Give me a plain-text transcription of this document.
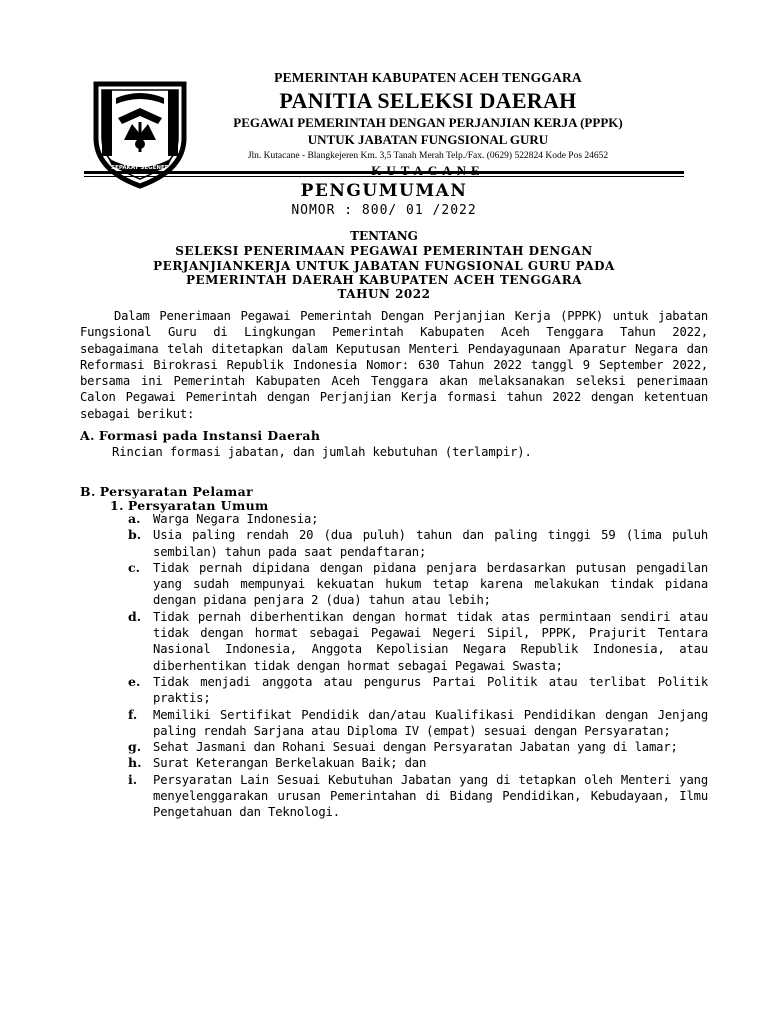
SEPAKAT SEGENEP
PEMERINTAH KABUPATEN ACEH TENGGARA
PANITIA SELEKSI DAERAH
PEGAWAI PEMERINTAH DENGAN PERJANJIAN KERJA (PPPK)
UNTUK JABATAN FUNGSIONAL GURU
Jln. Kutacane - Blangkejeren Km. 3,5 Tanah Merah Telp./Fax. (0629) 522824 Kode Pos 24652
KUTACANE
PENGUMUMAN
NOMOR : 800/ 01 /2022
TENTANG
SELEKSI PENERIMAAN PEGAWAI PEMERINTAH DENGAN
PERJANJIANKERJA UNTUK JABATAN FUNGSIONAL GURU PADA
PEMERINTAH DAERAH KABUPATEN ACEH TENGGARA
TAHUN 2022
Dalam Penerimaan Pegawai Pemerintah Dengan Perjanjian Kerja (PPPK) untuk jabatan Fungsional Guru di Lingkungan Pemerintah Kabupaten Aceh Tenggara Tahun 2022, sebagaimana telah ditetapkan dalam Keputusan Menteri Pendayagunaan Aparatur Negara dan Reformasi Birokrasi Republik Indonesia Nomor: 630 Tahun 2022 tanggl 9 September 2022, bersama ini Pemerintah Kabupaten Aceh Tenggara akan melaksanakan seleksi penerimaan Calon Pegawai Pemerintah dengan Perjanjian Kerja formasi tahun 2022 dengan ketentuan sebagai berikut:
A. Formasi pada Instansi Daerah
Rincian formasi jabatan, dan jumlah kebutuhan (terlampir).
B. Persyaratan Pelamar
1. Persyaratan Umum
a.	Warga Negara Indonesia;
b. Usia paling rendah 20 (dua puluh) tahun dan paling tinggi 59 (lima puluh sembilan) tahun pada saat pendaftaran;
c.	Tidak pernah dipidana dengan pidana penjara berdasarkan putusan pengadilan yang sudah mempunyai kekuatan hukum tetap karena melakukan tindak pidana dengan pidana penjara 2 (dua) tahun atau lebih;
d. Tidak pernah diberhentikan dengan hormat tidak atas permintaan sendiri atau tidak dengan hormat sebagai Pegawai Negeri Sipil, PPPK, Prajurit Tentara Nasional Indonesia, Anggota Kepolisian Negara Republik Indonesia, atau diberhentikan tidak dengan hormat sebagai Pegawai Swasta;
e.	Tidak menjadi anggota atau pengurus Partai Politik atau terlibat Politik praktis;
f.	Memiliki Sertifikat Pendidik dan/atau Kualifikasi Pendidikan dengan Jenjang paling rendah Sarjana atau Diploma IV (empat) sesuai dengan Persyaratan;
g. Sehat Jasmani dan Rohani Sesuai dengan Persyaratan Jabatan yang di lamar;
h. Surat Keterangan Berkelakuan Baik; dan
i.	Persyaratan Lain Sesuai Kebutuhan Jabatan yang di tetapkan oleh Menteri yang menyelenggarakan urusan Pemerintahan di Bidang Pendidikan, Kebudayaan, Ilmu Pengetahuan dan Teknologi.
